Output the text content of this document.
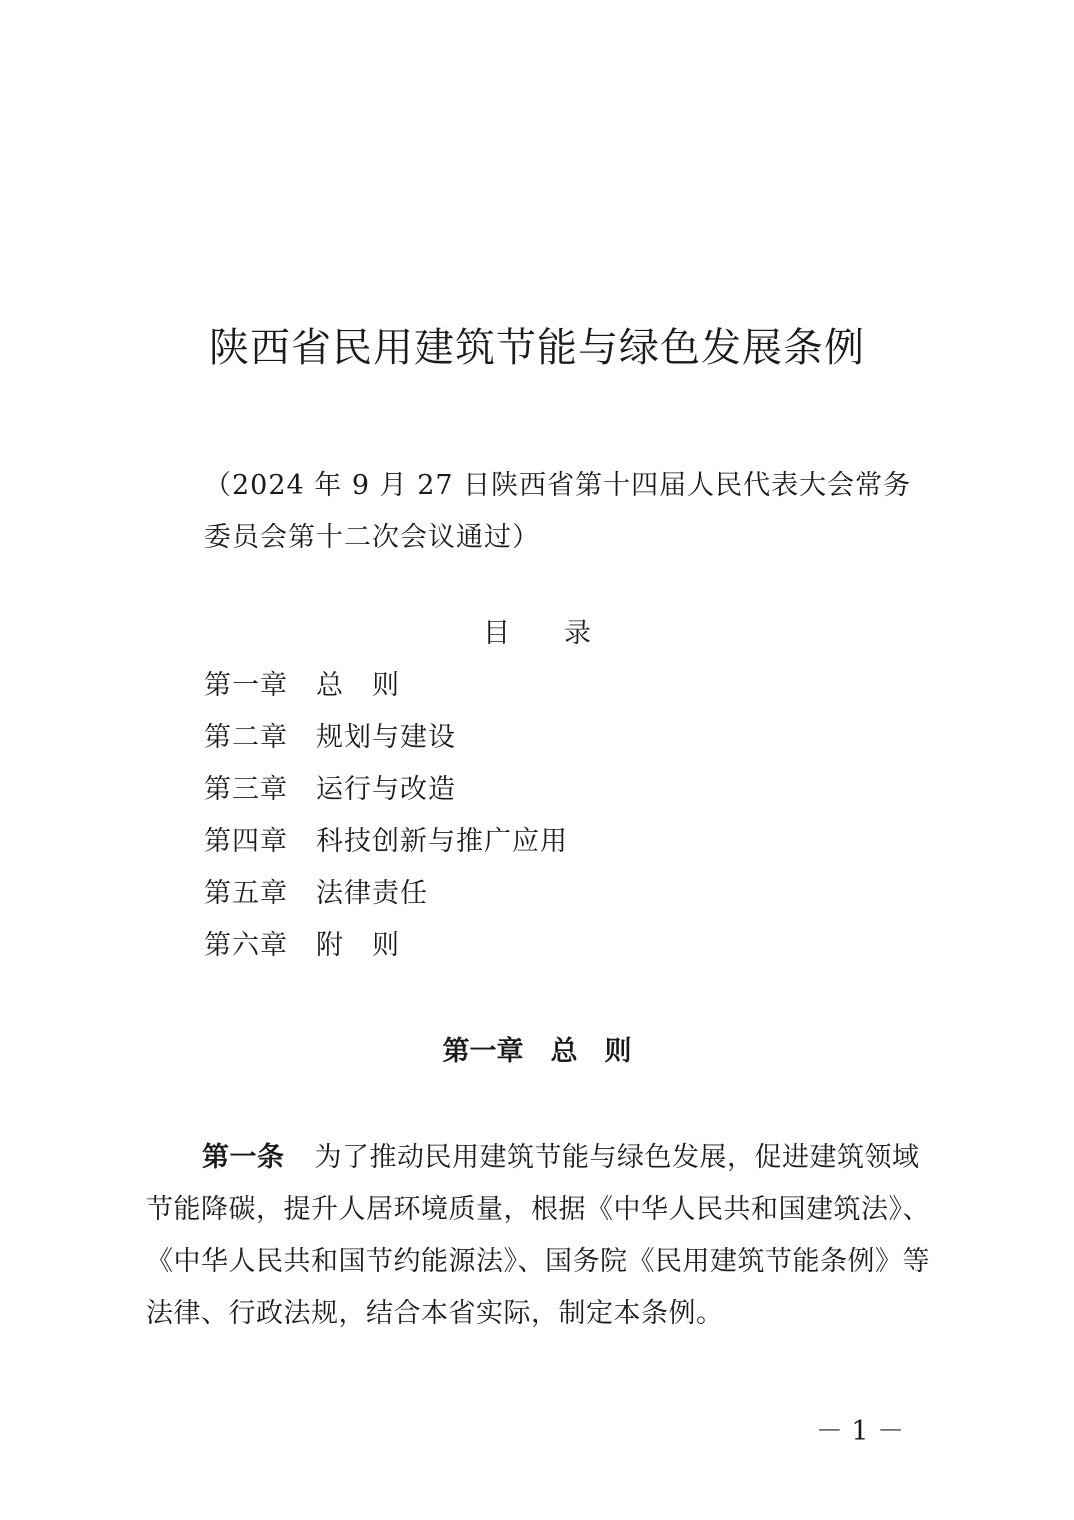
陕西省民用建筑节能与绿色发展条例
（2024 年 9 月 27 日陕西省第十四届人民代表大会常务
委员会第十二次会议通过）
目　　录
第一章 总　则
第二章 规划与建设
第三章 运行与改造
第四章 科技创新与推广应用
第五章 法律责任
第六章 附　则
第一章　总　则
第一条 为了推动民用建筑节能与绿色发展，促进建筑领域
节能降碳，提升人居环境质量，根据《中华人民共和国建筑法》、
《中华人民共和国节约能源法》、国务院《民用建筑节能条例》等
法律、行政法规，结合本省实际，制定本条例。
－ 1 －
